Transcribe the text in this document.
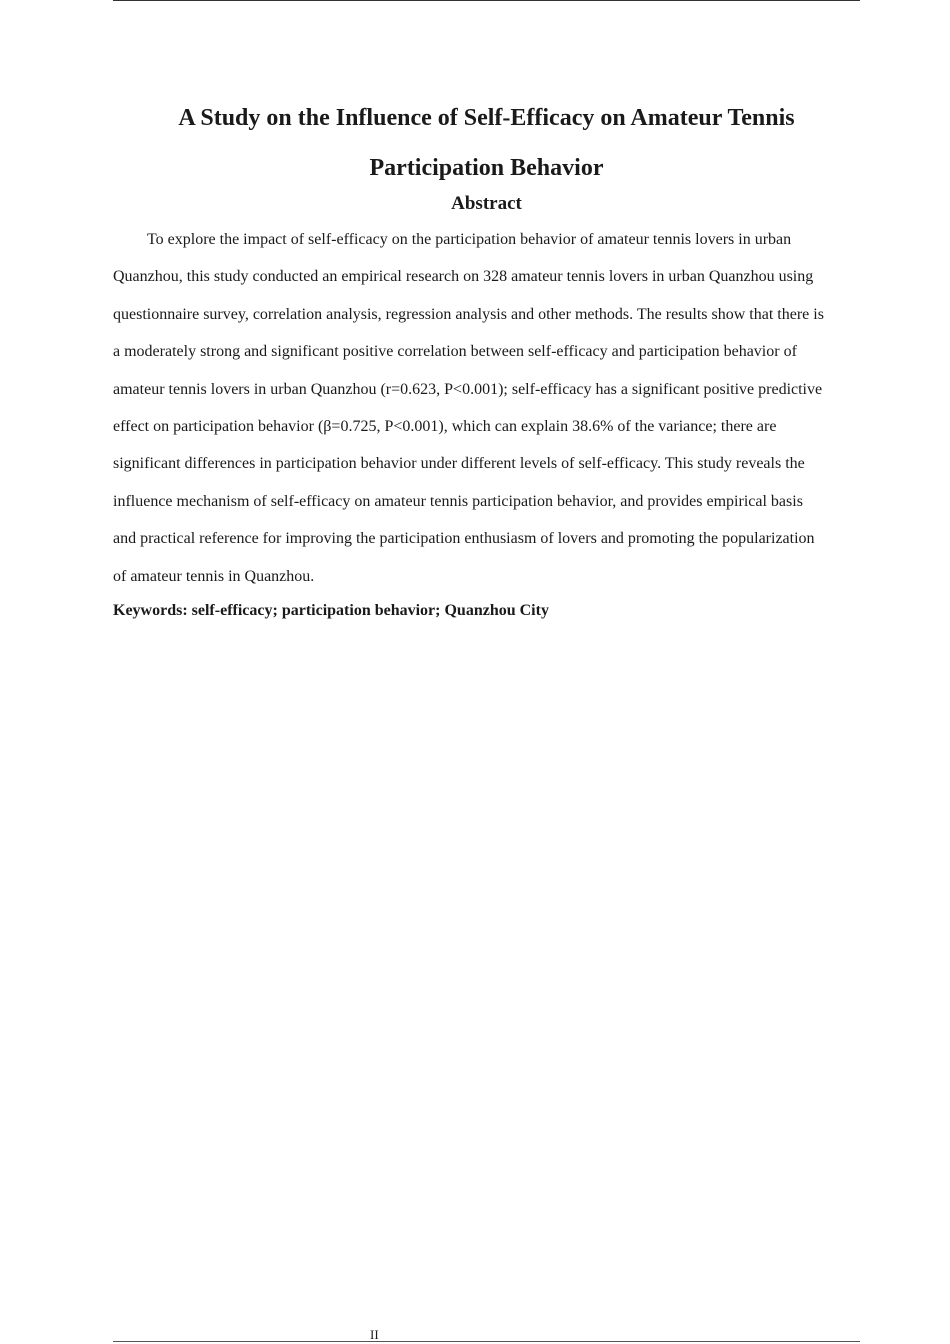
A Study on the Influence of Self-Efficacy on Amateur Tennis
Participation Behavior
Abstract
To explore the impact of self-efficacy on the participation behavior of amateur tennis lovers in urban
Quanzhou, this study conducted an empirical research on 328 amateur tennis lovers in urban Quanzhou using
questionnaire survey, correlation analysis, regression analysis and other methods. The results show that there is
a moderately strong and significant positive correlation between self-efficacy and participation behavior of
amateur tennis lovers in urban Quanzhou (r=0.623, P<0.001); self-efficacy has a significant positive predictive
effect on participation behavior (β=0.725, P<0.001), which can explain 38.6% of the variance; there are
significant differences in participation behavior under different levels of self-efficacy. This study reveals the
influence mechanism of self-efficacy on amateur tennis participation behavior, and provides empirical basis
and practical reference for improving the participation enthusiasm of lovers and promoting the popularization
of amateur tennis in Quanzhou.
Keywords: self-efficacy; participation behavior; Quanzhou City
II
